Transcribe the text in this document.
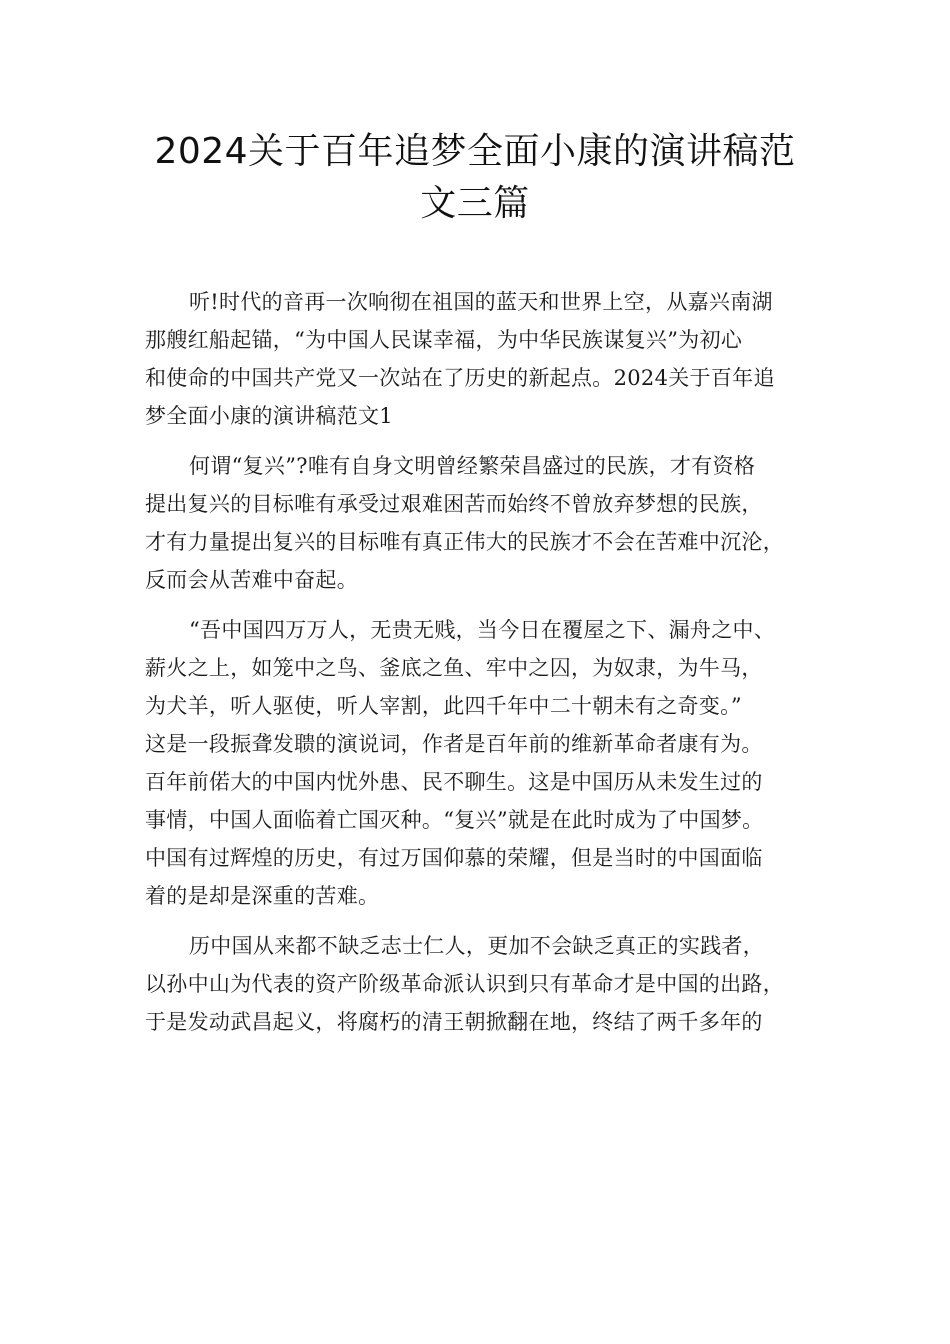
2024关于百年追梦全面小康的演讲稿范
文三篇
听!时代的音再一次响彻在祖国的蓝天和世界上空，从嘉兴南湖
那艘红船起锚，“为中国人民谋幸福，为中华民族谋复兴”为初心
和使命的中国共产党又一次站在了历史的新起点。2024关于百年追
梦全面小康的演讲稿范文1
何谓“复兴”?唯有自身文明曾经繁荣昌盛过的民族，才有资格
提出复兴的目标唯有承受过艰难困苦而始终不曾放弃梦想的民族，
才有力量提出复兴的目标唯有真正伟大的民族才不会在苦难中沉沦，
反而会从苦难中奋起。
“吾中国四万万人，无贵无贱，当今日在覆屋之下、漏舟之中、
薪火之上，如笼中之鸟、釜底之鱼、牢中之囚，为奴隶，为牛马，
为犬羊，听人驱使，听人宰割，此四千年中二十朝未有之奇变。”
这是一段振聋发聩的演说词，作者是百年前的维新革命者康有为。
百年前偌大的中国内忧外患、民不聊生。这是中国历从未发生过的
事情，中国人面临着亡国灭种。“复兴”就是在此时成为了中国梦。
中国有过辉煌的历史，有过万国仰慕的荣耀，但是当时的中国面临
着的是却是深重的苦难。
历中国从来都不缺乏志士仁人，更加不会缺乏真正的实践者，
以孙中山为代表的资产阶级革命派认识到只有革命才是中国的出路，
于是发动武昌起义，将腐朽的清王朝掀翻在地，终结了两千多年的
